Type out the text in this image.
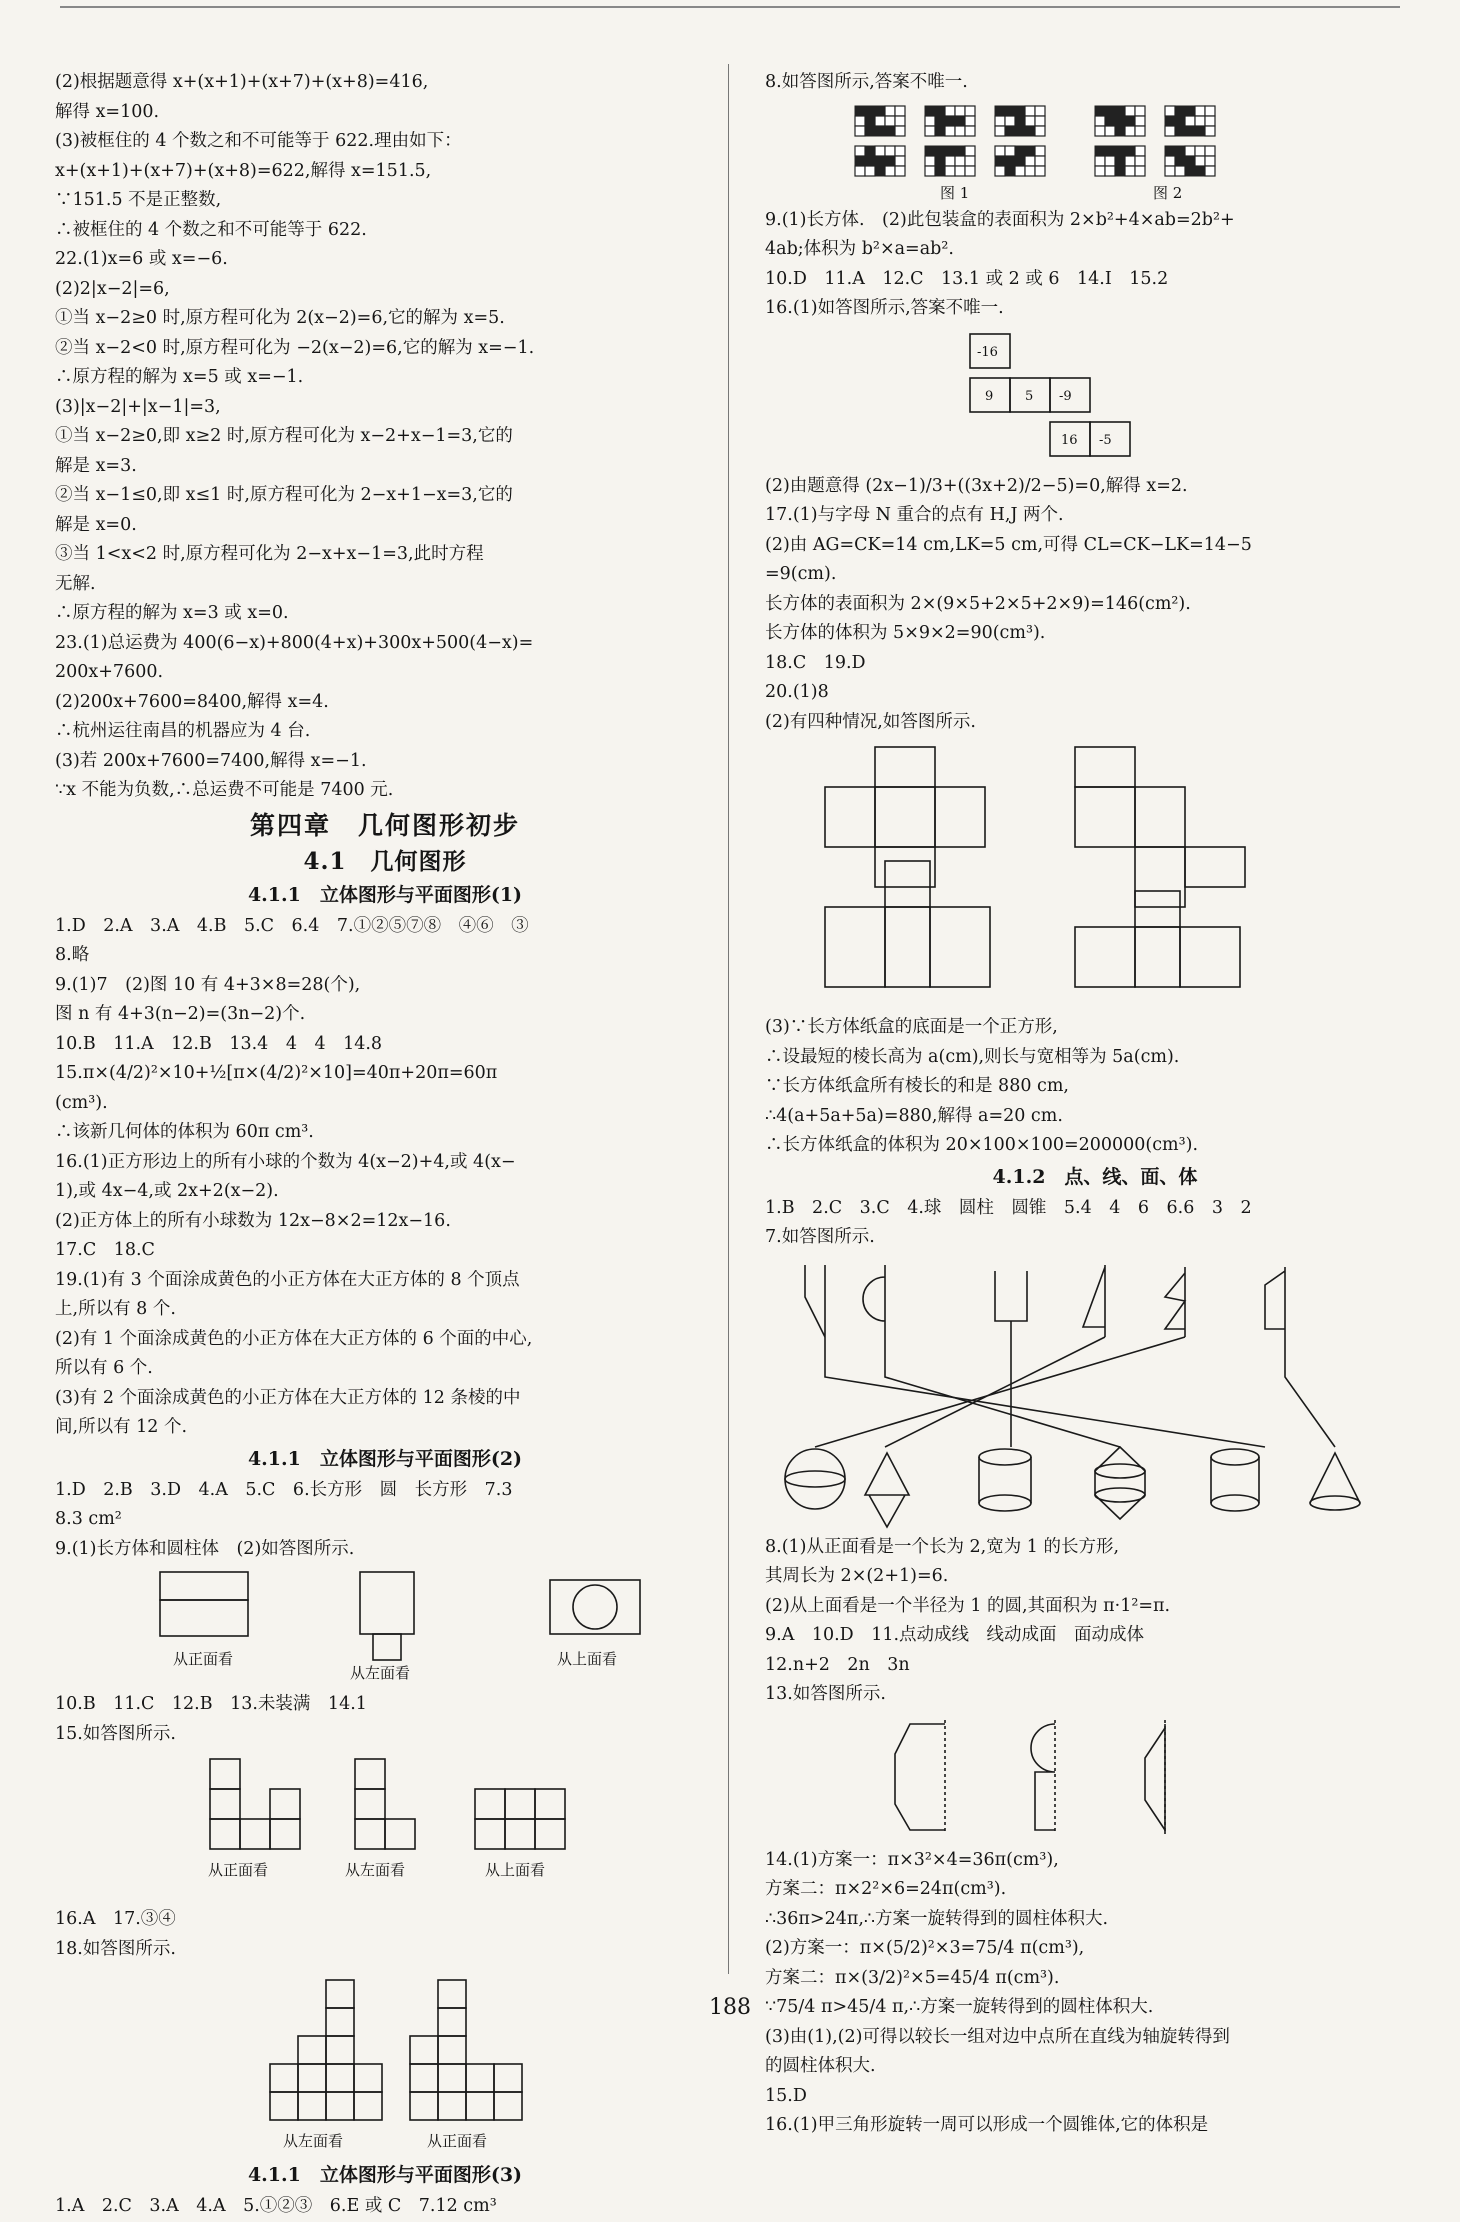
(2)根据题意得 x+(x+1)+(x+7)+(x+8)=416,

解得 x=100.

(3)被框住的 4 个数之和不可能等于 622.理由如下：

x+(x+1)+(x+7)+(x+8)=622,解得 x=151.5,

∵151.5 不是正整数,

∴被框住的 4 个数之和不可能等于 622.

22.(1)x=6 或 x=−6.

(2)2|x−2|=6,

①当 x−2≥0 时,原方程可化为 2(x−2)=6,它的解为 x=5.

②当 x−2<0 时,原方程可化为 −2(x−2)=6,它的解为 x=−1.

∴原方程的解为 x=5 或 x=−1.

(3)|x−2|+|x−1|=3,

①当 x−2≥0,即 x≥2 时,原方程可化为 x−2+x−1=3,它的

解是 x=3.

②当 x−1≤0,即 x≤1 时,原方程可化为 2−x+1−x=3,它的

解是 x=0.

③当 1<x<2 时,原方程可化为 2−x+x−1=3,此时方程

无解.

∴原方程的解为 x=3 或 x=0.

23.(1)总运费为 400(6−x)+800(4+x)+300x+500(4−x)=

200x+7600.

(2)200x+7600=8400,解得 x=4.

∴杭州运往南昌的机器应为 4 台.

(3)若 200x+7600=7400,解得 x=−1.

∵x 不能为负数,∴总运费不可能是 7400 元.

第四章　几何图形初步
4.1　几何图形
4.1.1　立体图形与平面图形(1)

1.D　2.A　3.A　4.B　5.C　6.4　7.①②⑤⑦⑧　④⑥　③

8.略

9.(1)7　(2)图 10 有 4+3×8=28(个),

图 n 有 4+3(n−2)=(3n−2)个.

10.B　11.A　12.B　13.4　4　4　14.8

15.π×(4/2)²×10+½[π×(4/2)²×10]=40π+20π=60π

(cm³).

∴该新几何体的体积为 60π cm³.

16.(1)正方形边上的所有小球的个数为 4(x−2)+4,或 4(x−

1),或 4x−4,或 2x+2(x−2).

(2)正方体上的所有小球数为 12x−8×2=12x−16.

17.C　18.C

19.(1)有 3 个面涂成黄色的小正方体在大正方体的 8 个顶点

上,所以有 8 个.

(2)有 1 个面涂成黄色的小正方体在大正方体的 6 个面的中心,

所以有 6 个.

(3)有 2 个面涂成黄色的小正方体在大正方体的 12 条棱的中

间,所以有 12 个.

4.1.1　立体图形与平面图形(2)

1.D　2.B　3.D　4.A　5.C　6.长方形　圆　长方形　7.3

8.3 cm²

9.(1)长方体和圆柱体　(2)如答图所示.

从正面看
从左面看
从上面看

10.B　11.C　12.B　13.未装满　14.1

15.如答图所示.

从正面看	从左面看	从上面看

16.A　17.③④

18.如答图所示.

从左面看	从正面看
4.1.1　立体图形与平面图形(3)

1.A　2.C　3.A　4.A　5.①②③　6.E 或 C　7.12 cm³

8.如答图所示,答案不唯一.

图 1	图 2

9.(1)长方体.　(2)此包装盒的表面积为 2×b²+4×ab=2b²+

4ab;体积为 b²×a=ab².

10.D　11.A　12.C　13.1 或 2 或 6　14.I　15.2

16.(1)如答图所示,答案不唯一.

-16
9 5 -9
16 -5

(2)由题意得 (2x−1)/3+((3x+2)/2−5)=0,解得 x=2.

17.(1)与字母 N 重合的点有 H,J 两个.

(2)由 AG=CK=14 cm,LK=5 cm,可得 CL=CK−LK=14−5

=9(cm).

长方体的表面积为 2×(9×5+2×5+2×9)=146(cm²).

长方体的体积为 5×9×2=90(cm³).

18.C　19.D

20.(1)8

(2)有四种情况,如答图所示.

(3)∵长方体纸盒的底面是一个正方形,

∴设最短的棱长高为 a(cm),则长与宽相等为 5a(cm).

∵长方体纸盒所有棱长的和是 880 cm,

∴4(a+5a+5a)=880,解得 a=20 cm.

∴长方体纸盒的体积为 20×100×100=200000(cm³).

4.1.2　点、线、面、体

1.B　2.C　3.C　4.球　圆柱　圆锥　5.4　4　6　6.6　3　2

7.如答图所示.

8.(1)从正面看是一个长为 2,宽为 1 的长方形,

其周长为 2×(2+1)=6.

(2)从上面看是一个半径为 1 的圆,其面积为 π·1²=π.

9.A　10.D　11.点动成线　线动成面　面动成体

12.n+2　2n　3n

13.如答图所示.

14.(1)方案一：π×3²×4=36π(cm³),

方案二：π×2²×6=24π(cm³).

∴36π>24π,∴方案一旋转得到的圆柱体积大.

(2)方案一：π×(5/2)²×3=75/4 π(cm³),

方案二：π×(3/2)²×5=45/4 π(cm³).

∵75/4 π>45/4 π,∴方案一旋转得到的圆柱体积大.

(3)由(1),(2)可得以较长一组对边中点所在直线为轴旋转得到

的圆柱体积大.

15.D

16.(1)甲三角形旋转一周可以形成一个圆锥体,它的体积是

188
